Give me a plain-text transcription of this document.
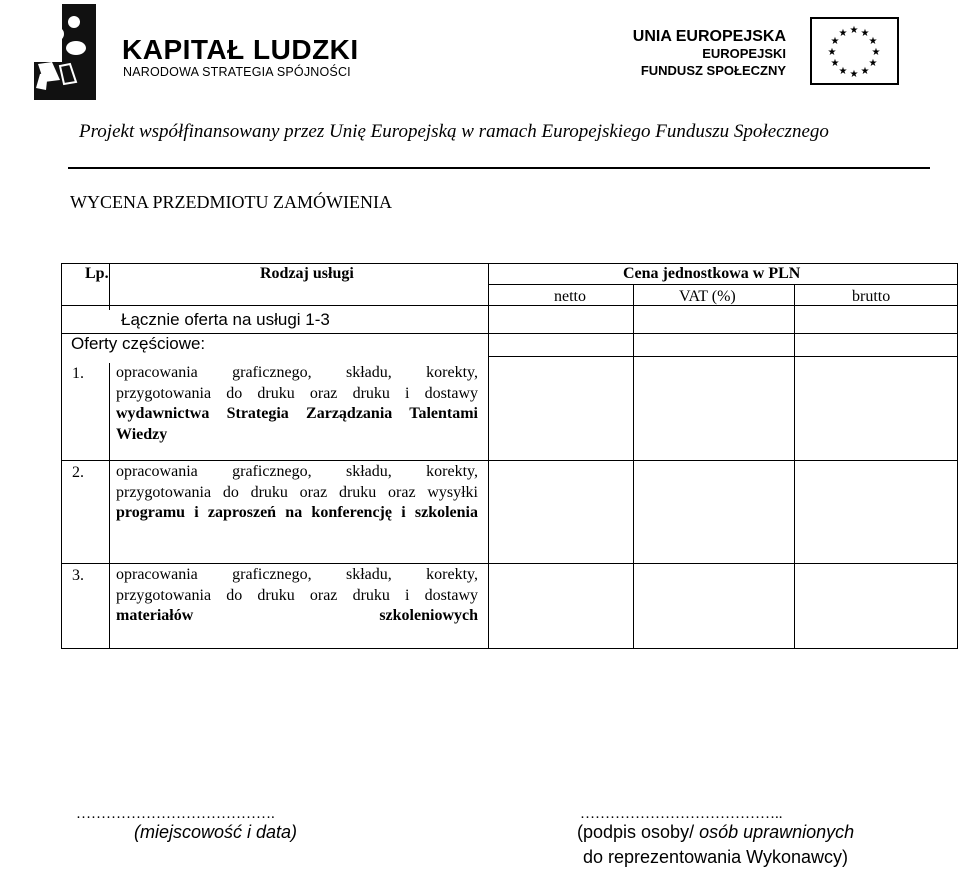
KAPITAŁ LUDZKI
NARODOWA STRATEGIA SPÓJNOŚCI
UNIA EUROPEJSKA
EUROPEJSKI
FUNDUSZ SPOŁECZNY
★ ★
★
★
★
★
★
★
★
★
★
★
Projekt współfinansowany przez Unię Europejską w ramach Europejskiego Funduszu Społecznego
WYCENA PRZEDMIOTU ZAMÓWIENIA
Lp.	Rodzaj usługi	Cena jednostkowa w PLN
netto	VAT (%)	brutto
Łącznie oferta na usługi 1-3
Oferty częściowe:
1. opracowania graficznego, składu, korekty, przygotowania do druku oraz druku i dostawy wydawnictwa Strategia Zarządzania Talentami Wiedzy
2. opracowania graficznego, składu, korekty, przygotowania do druku oraz druku oraz wysyłki programu i zaproszeń na konferencję i szkolenia
3. opracowania graficznego, składu, korekty, przygotowania do druku oraz druku i dostawy materiałów szkoleniowych
………………………………….
(miejscowość i data)
…………………………………..
(podpis osoby/ osób uprawnionych
do reprezentowania Wykonawcy)
